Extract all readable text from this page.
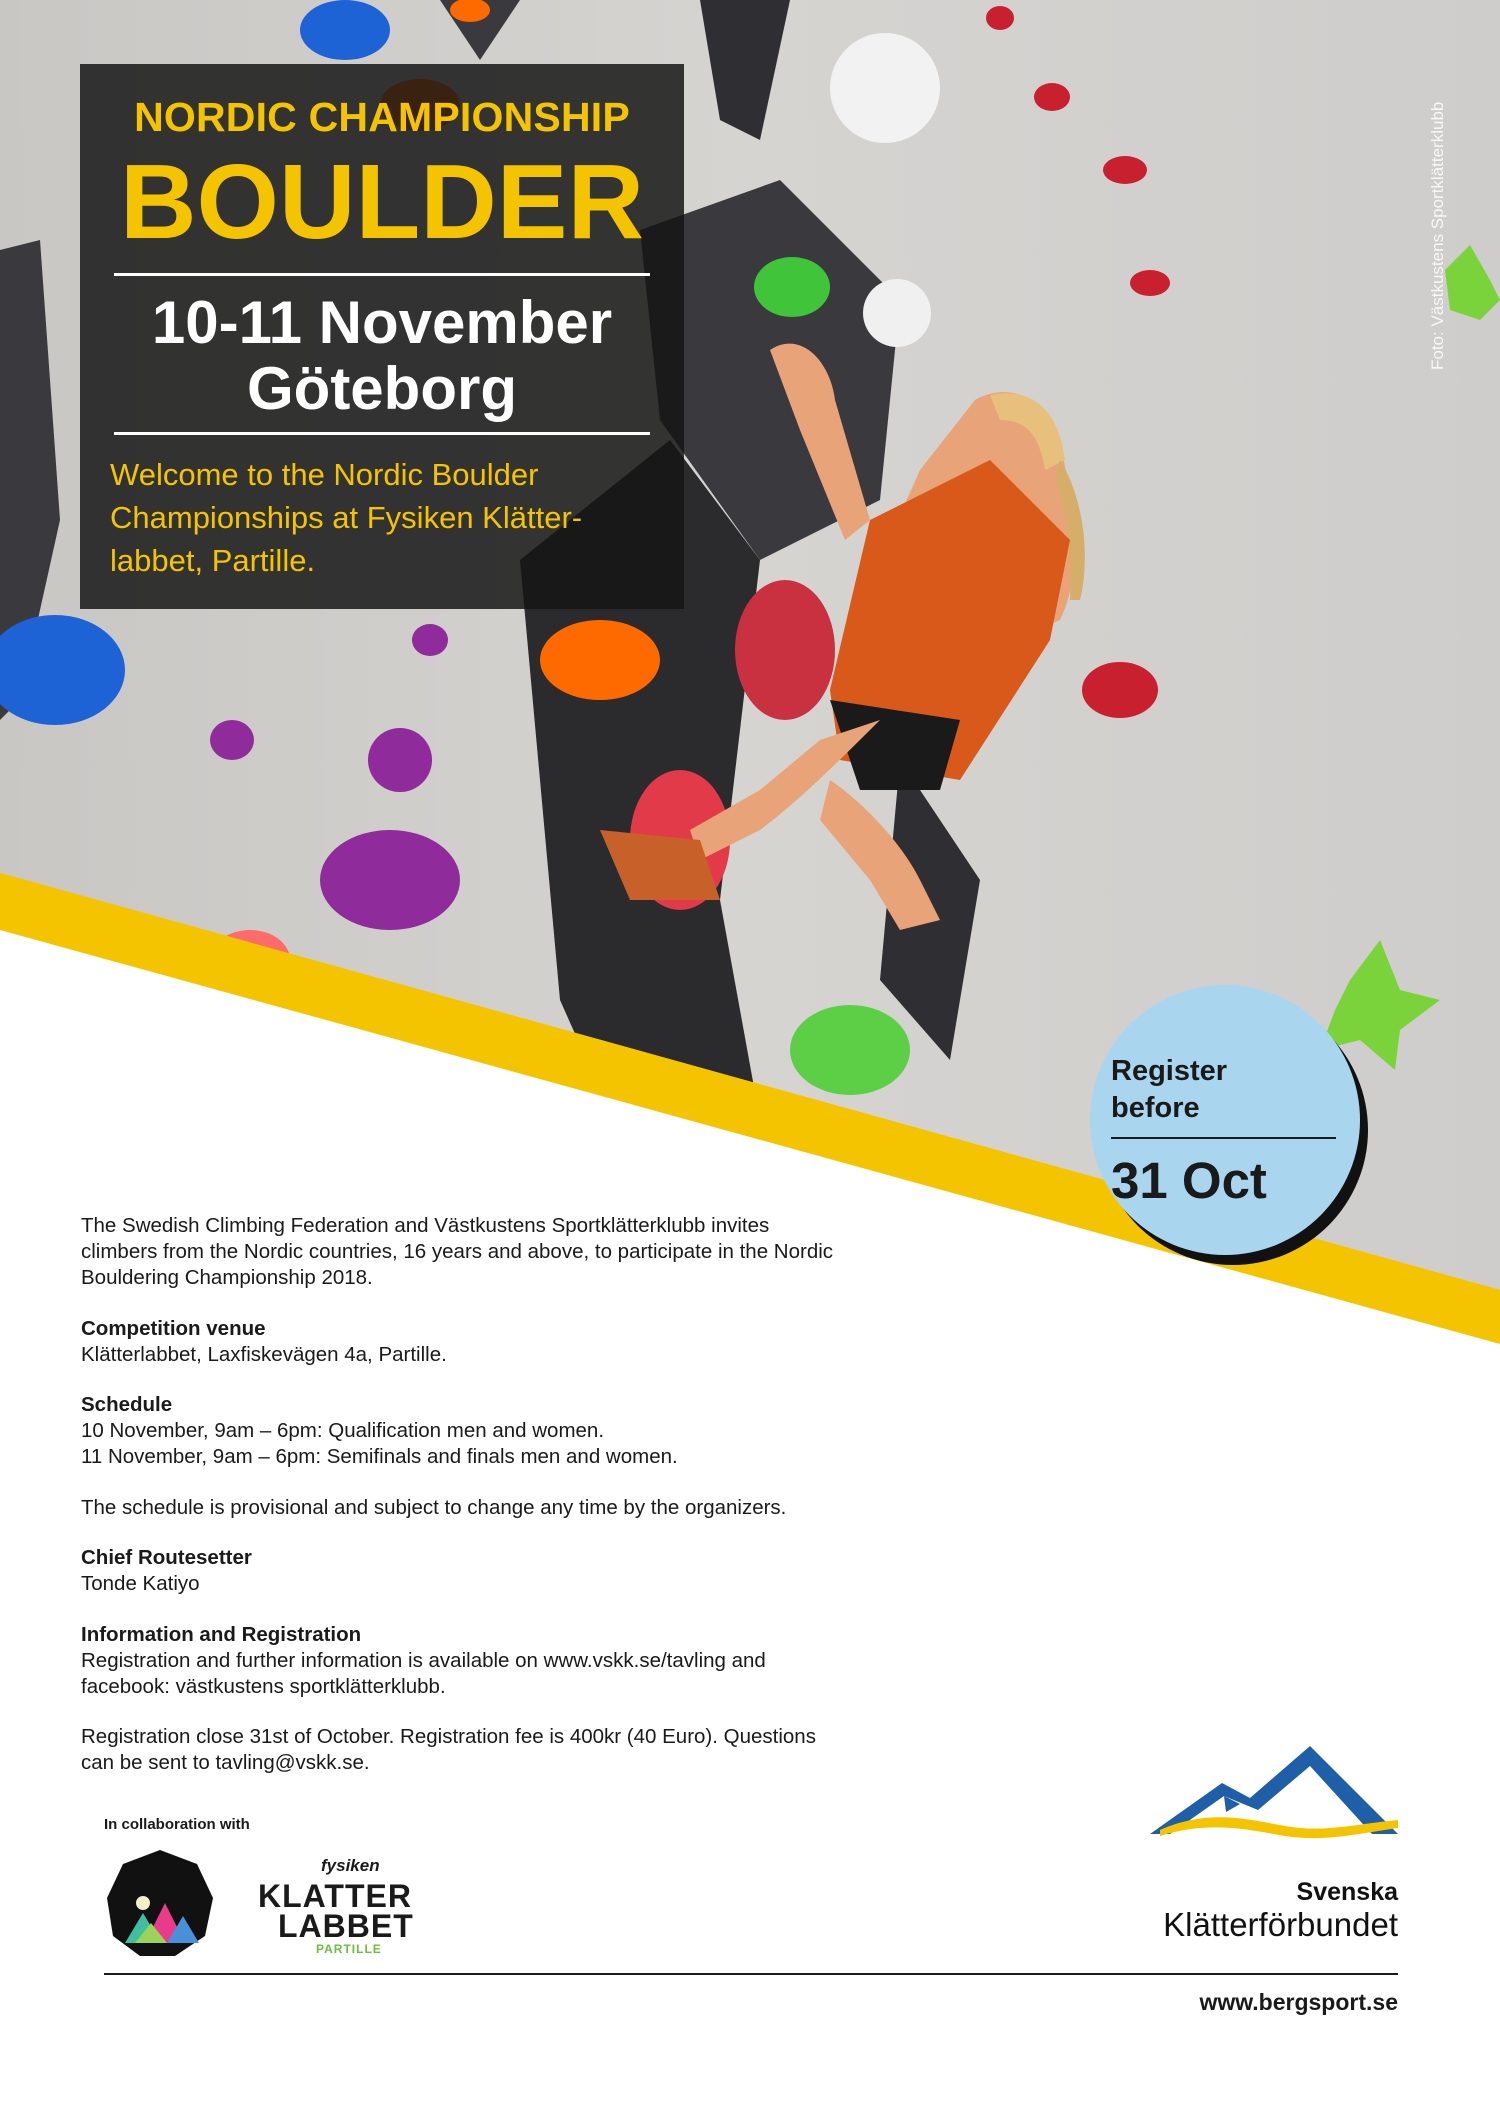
Foto: Västkustens Sportklätterklubb
NORDIC CHAMPIONSHIP
BOULDER
10-11 November
Göteborg
Welcome to the Nordic Boulder Championships at Fysiken Klätter-labbet, Partille.
Register before
31 Oct

The Swedish Climbing Federation and Västkustens Sportklätterklubb invites climbers from the Nordic countries, 16 years and above, to participate in the Nordic Bouldering Championship 2018.

Competition venue
Klätterlabbet, Laxfiskevägen 4a, Partille.
Schedule
10 November, 9am – 6pm: Qualification men and women.
11 November, 9am – 6pm: Semifinals and finals men and women.

The schedule is provisional and subject to change any time by the organizers.

Chief Routesetter
Tonde Katiyo
Information and Registration
Registration and further information is available on www.vskk.se/tavling and facebook: västkustens sportklätterklubb.

Registration close 31st of October. Registration fee is 400kr (40 Euro). Questions can be sent to tavling@vskk.se.

In collaboration with
fysiken
KLATTER
LABBET
PARTILLE
Svenska
Klätterförbundet
www.bergsport.se
